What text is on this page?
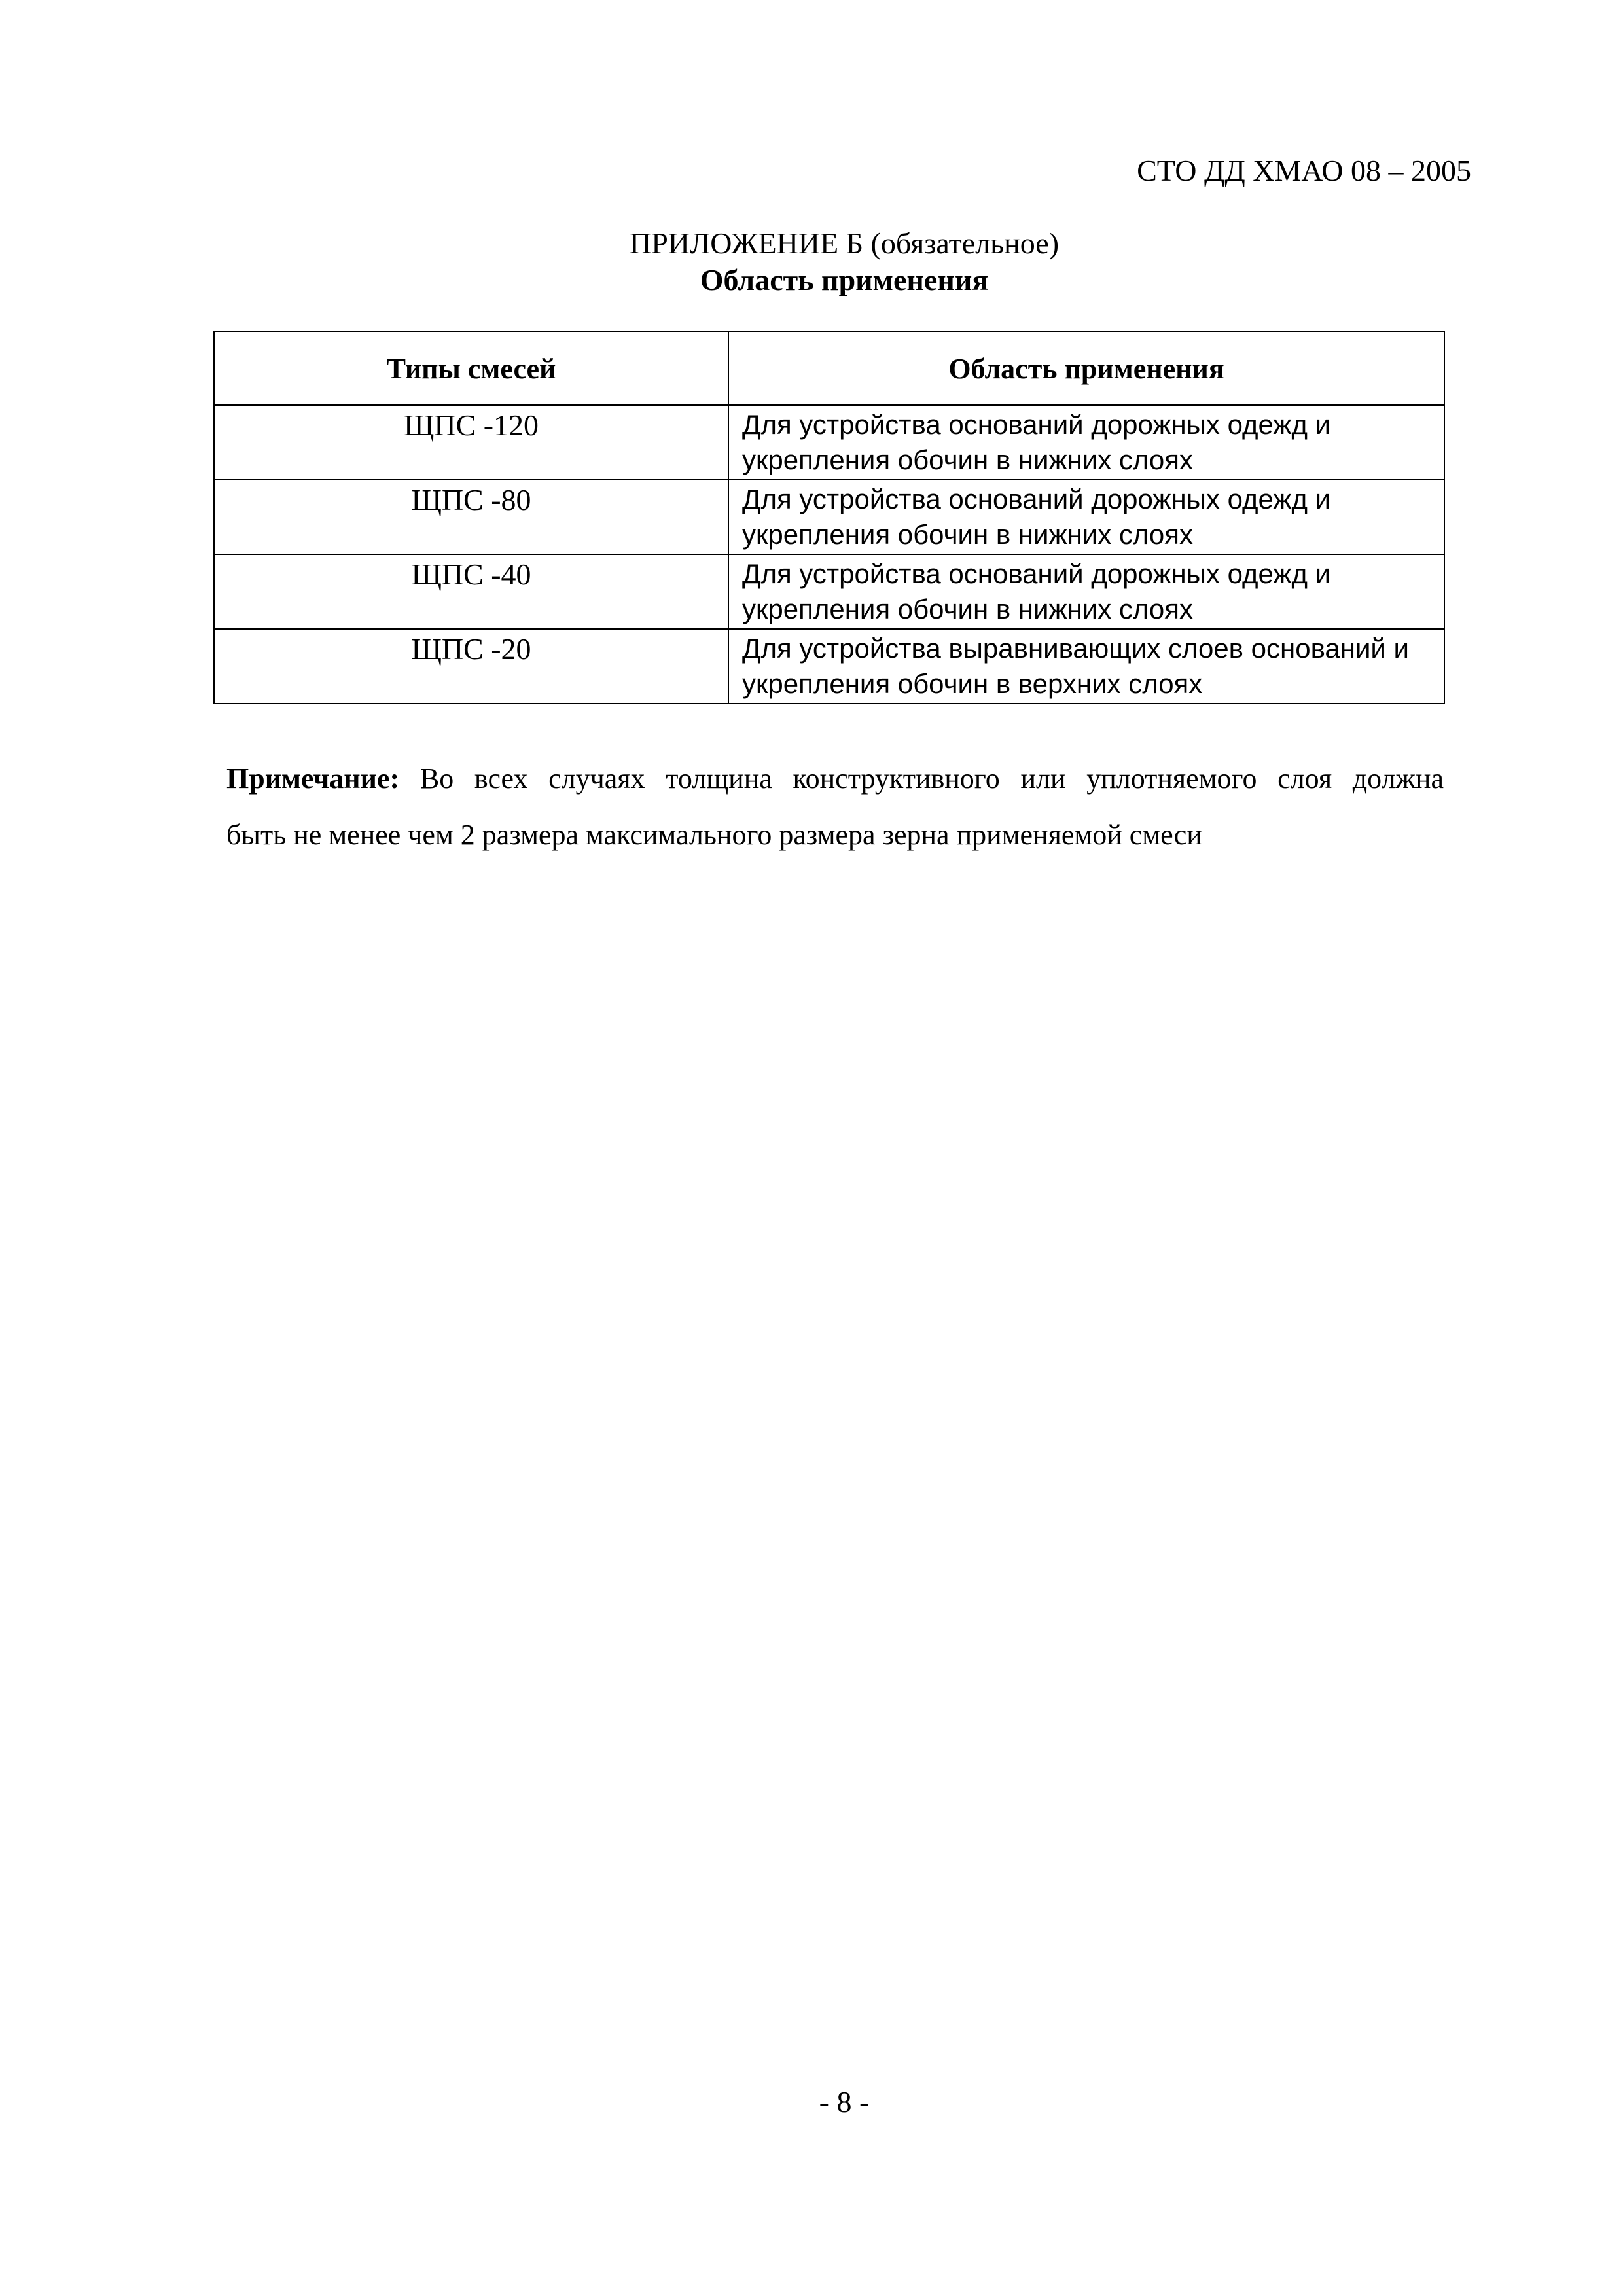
СТО ДД ХМАО 08 – 2005
ПРИЛОЖЕНИЕ Б (обязательное)
Область применения
Типы смесей	Область применения
ЩПС -120	Для устройства оснований дорожных одежд и
укрепления обочин в нижних слоях

ЩПС -80	Для устройства оснований дорожных одежд и
укрепления обочин в нижних слоях

ЩПС -40	Для устройства оснований дорожных одежд и
укрепления обочин в нижних слоях

ЩПС -20	Для устройства выравнивающих слоев оснований и
укрепления обочин в верхних слоях
Примечание: Во всех случаях толщина конструктивного или уплотняемого слоя должна
быть не менее чем 2 размера максимального размера зерна применяемой смеси
- 8 -
